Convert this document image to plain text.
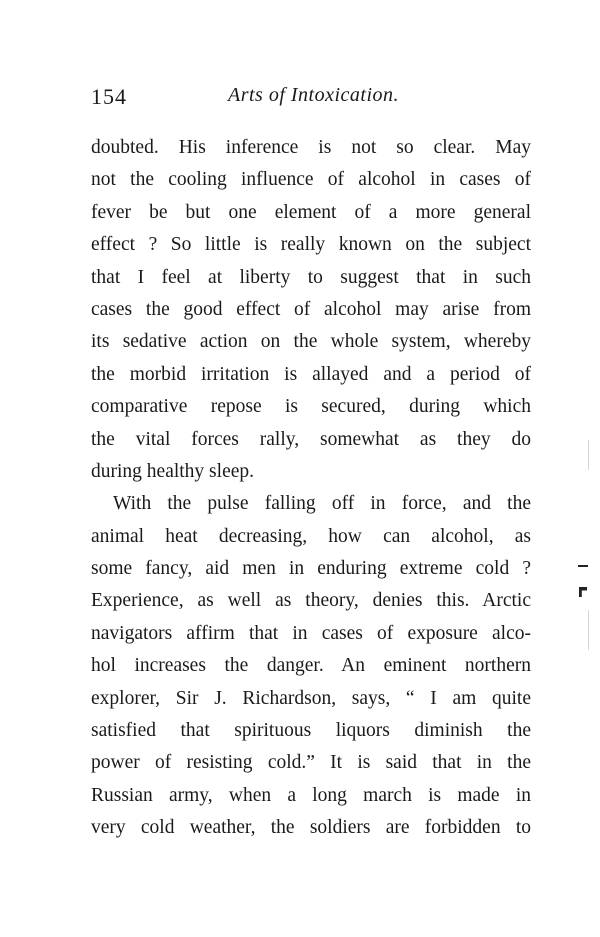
154	Arts of Intoxication.
doubted. His inference is not so clear. May
not the cooling influence of alcohol in cases of
fever be but one element of a more general
effect ? So little is really known on the subject
that I feel at liberty to suggest that in such
cases the good effect of alcohol may arise from
its sedative action on the whole system, whereby
the morbid irritation is allayed and a period of
comparative repose is secured, during which
the vital forces rally, somewhat as they do
during healthy sleep.
With the pulse falling off in force, and the
animal heat decreasing, how can alcohol, as
some fancy, aid men in enduring extreme cold ?
Experience, as well as theory, denies this. Arctic
navigators affirm that in cases of exposure alco-
hol increases the danger. An eminent northern
explorer, Sir J. Richardson, says, “ I am quite
satisfied that spirituous liquors diminish the
power of resisting cold.” It is said that in the
Russian army, when a long march is made in
very cold weather, the soldiers are forbidden to
